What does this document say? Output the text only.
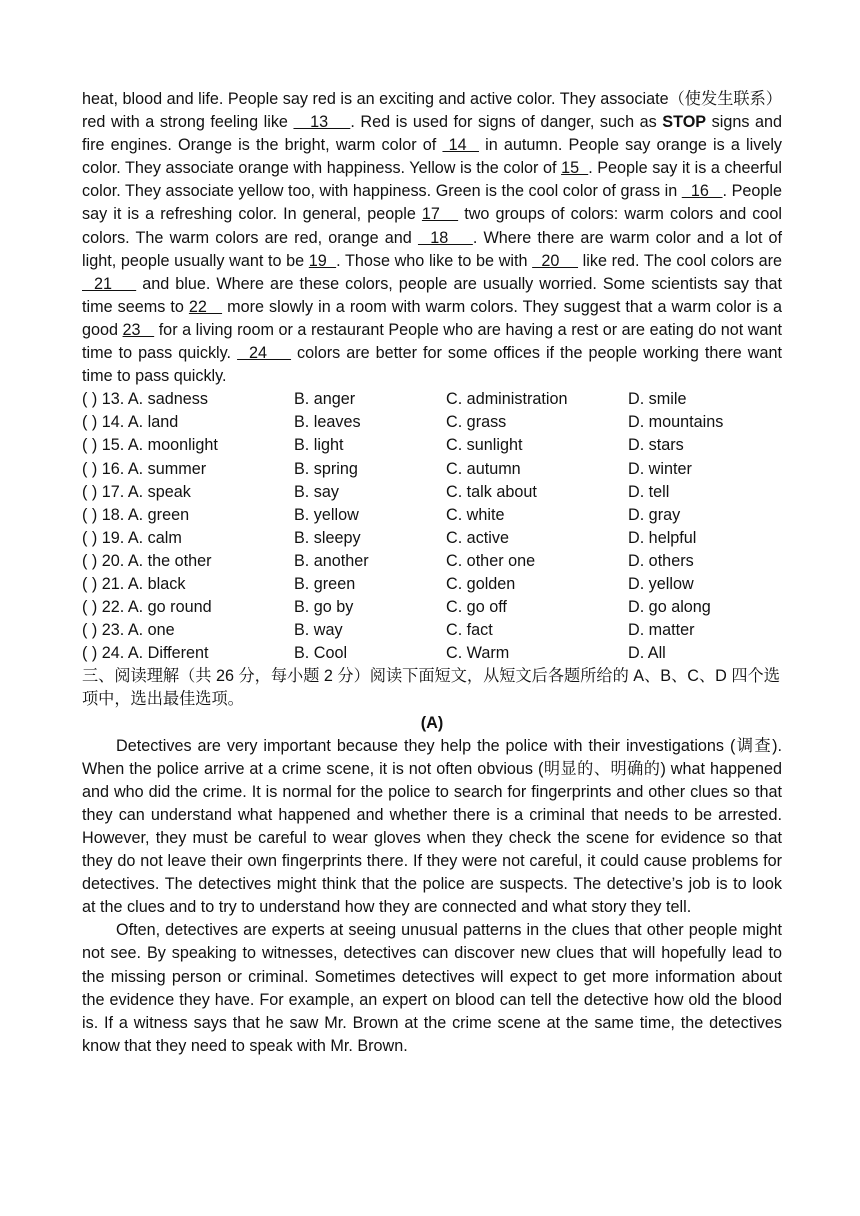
heat, blood and life. People say red is an exciting and active color. They associate（使发生联系） red with a strong feeling like    13    . Red is used for signs of danger, such as STOP signs and fire engines. Orange is the bright, warm color of  14   in autumn. People say orange is a lively color. They associate orange with happiness. Yellow is the color of 15  . People say it is a cheerful color. They associate yellow too, with happiness. Green is the cool color of grass in   16   . People say it is a refreshing color. In general, people 17    two groups of colors: warm colors and cool colors. The warm colors are red, orange and   18    . Where there are warm color and a lot of light, people usually want to be 19  . Those who like to be with   20     like red. The cool colors are   21     and blue. Where are these colors, people are usually worried. Some scientists say that time seems to 22    more slowly in a room with warm colors. They suggest that a warm color is a good 23    for a living room or a restaurant People who are having a rest or are eating do not want time to pass quickly.   24     colors are better for some offices if the people working there want time to pass quickly.

( ) 13. A. sadness	B. anger	C. administration	D. smile
( ) 14. A. land	B. leaves	C. grass	D. mountains
( ) 15. A. moonlight	B. light	C. sunlight	D. stars
( ) 16. A. summer	B. spring	C. autumn	D. winter
( ) 17. A. speak	B. say	C. talk about	D. tell
( ) 18. A. green	B. yellow	C. white	D. gray
( ) 19. A. calm	B. sleepy	C. active	D. helpful
( ) 20. A. the other	B. another	C. other one	D. others
( ) 21. A. black	B. green	C. golden	D. yellow
( ) 22. A. go round	B. go by	C. go off	D. go along
( ) 23. A. one	B. way	C. fact	D. matter
( ) 24. A. Different	B. Cool	C. Warm	D. All

三、阅读理解（共 26 分，每小题 2 分）阅读下面短文，从短文后各题所给的 A、B、C、D 四个选项中，选出最佳选项。

(A)

Detectives are very important because they help the police with their investigations (调查). When the police arrive at a crime scene, it is not often obvious (明显的、明确的) what happened and who did the crime. It is normal for the police to search for fingerprints and other clues so that they can understand what happened and whether there is a criminal that needs to be arrested. However, they must be careful to wear gloves when they check the scene for evidence so that they do not leave their own fingerprints there. If they were not careful, it could cause problems for detectives. The detectives might think that the police are suspects. The detective’s job is to look at the clues and to try to understand how they are connected and what story they tell.

Often, detectives are experts at seeing unusual patterns in the clues that other people might not see. By speaking to witnesses, detectives can discover new clues that will hopefully lead to the missing person or criminal. Sometimes detectives will expect to get more information about the evidence they have. For example, an expert on blood can tell the detective how old the blood is. If a witness says that he saw Mr. Brown at the crime scene at the same time, the detectives know that they need to speak with Mr. Brown.
